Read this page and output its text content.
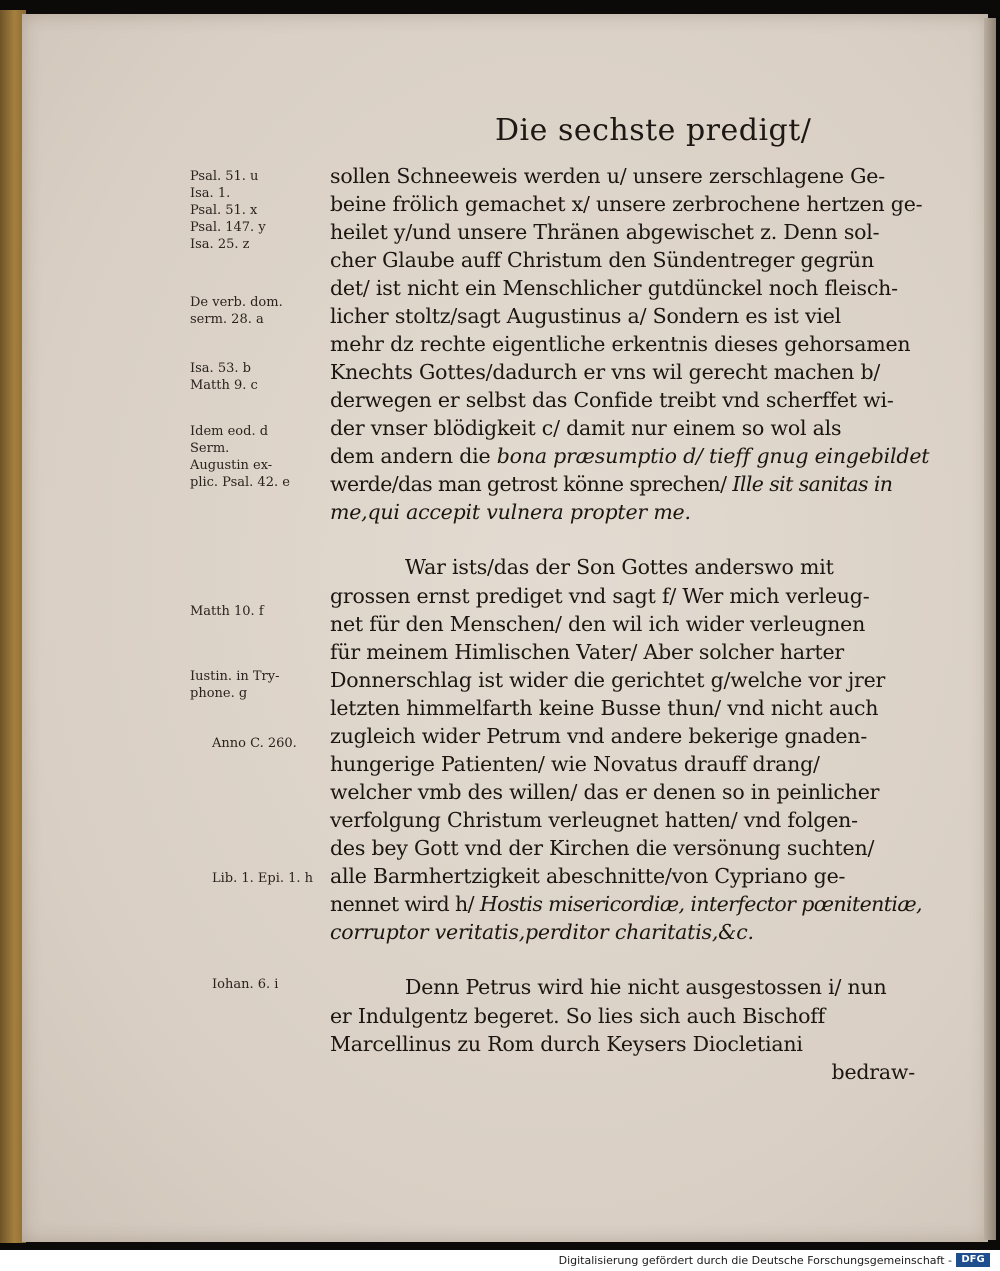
Die sechste predigt/
Psal. 51. u
Isa. 1.
Psal. 51. x
Psal. 147. y
Isa. 25. z
De verb. dom.
serm. 28. a
Isa. 53. b
Matth 9. c
Idem eod. d
Serm.
Augustin ex-
plic. Psal. 42. e
Matth 10. f
Iustin. in Try-
phone. g
Anno C. 260.
Lib. 1. Epi. 1. h
Iohan. 6. i
sollen Schneeweis werden u/ unsere zerschlagene Ge-
beine frölich gemachet x/ unsere zerbrochene hertzen ge-
heilet y/und unsere Thränen abgewischet z. Denn sol-
cher Glaube auff Christum den Sündentreger gegrün
det/ ist nicht ein Menschlicher gutdünckel noch fleisch-
licher stoltz/sagt Augustinus a/ Sondern es ist viel
mehr dz rechte eigentliche erkentnis dieses gehorsamen
Knechts Gottes/dadurch er vns wil gerecht machen b/
derwegen er selbst das Confide treibt vnd scherffet wi-
der vnser blödigkeit c/ damit nur einem so wol als
dem andern die bona præsumptio d/ tieff gnug eingebildet
werde/das man getrost könne sprechen/ Ille sit sanitas in
me,qui accepit vulnera propter me.
War ists/das der Son Gottes anderswo mit
grossen ernst prediget vnd sagt f/ Wer mich verleug-
net für den Menschen/ den wil ich wider verleugnen
für meinem Himlischen Vater/ Aber solcher harter
Donnerschlag ist wider die gerichtet g/welche vor jrer
letzten himmelfarth keine Busse thun/ vnd nicht auch
zugleich wider Petrum vnd andere bekerige gnaden-
hungerige Patienten/ wie Novatus drauff drang/
welcher vmb des willen/ das er denen so in peinlicher
verfolgung Christum verleugnet hatten/ vnd folgen-
des bey Gott vnd der Kirchen die versönung suchten/
alle Barmhertzigkeit abeschnitte/von Cypriano ge-
nennet wird h/ Hostis misericordiæ, interfector pœnitentiæ,
corruptor veritatis,perditor charitatis,&c.
Denn Petrus wird hie nicht ausgestossen i/ nun
er Indulgentz begeret. So lies sich auch Bischoff
Marcellinus zu Rom durch Keysers Diocletiani
bedraw-
Digitalisierung gefördert durch die Deutsche Forschungsgemeinschaft - DFG
